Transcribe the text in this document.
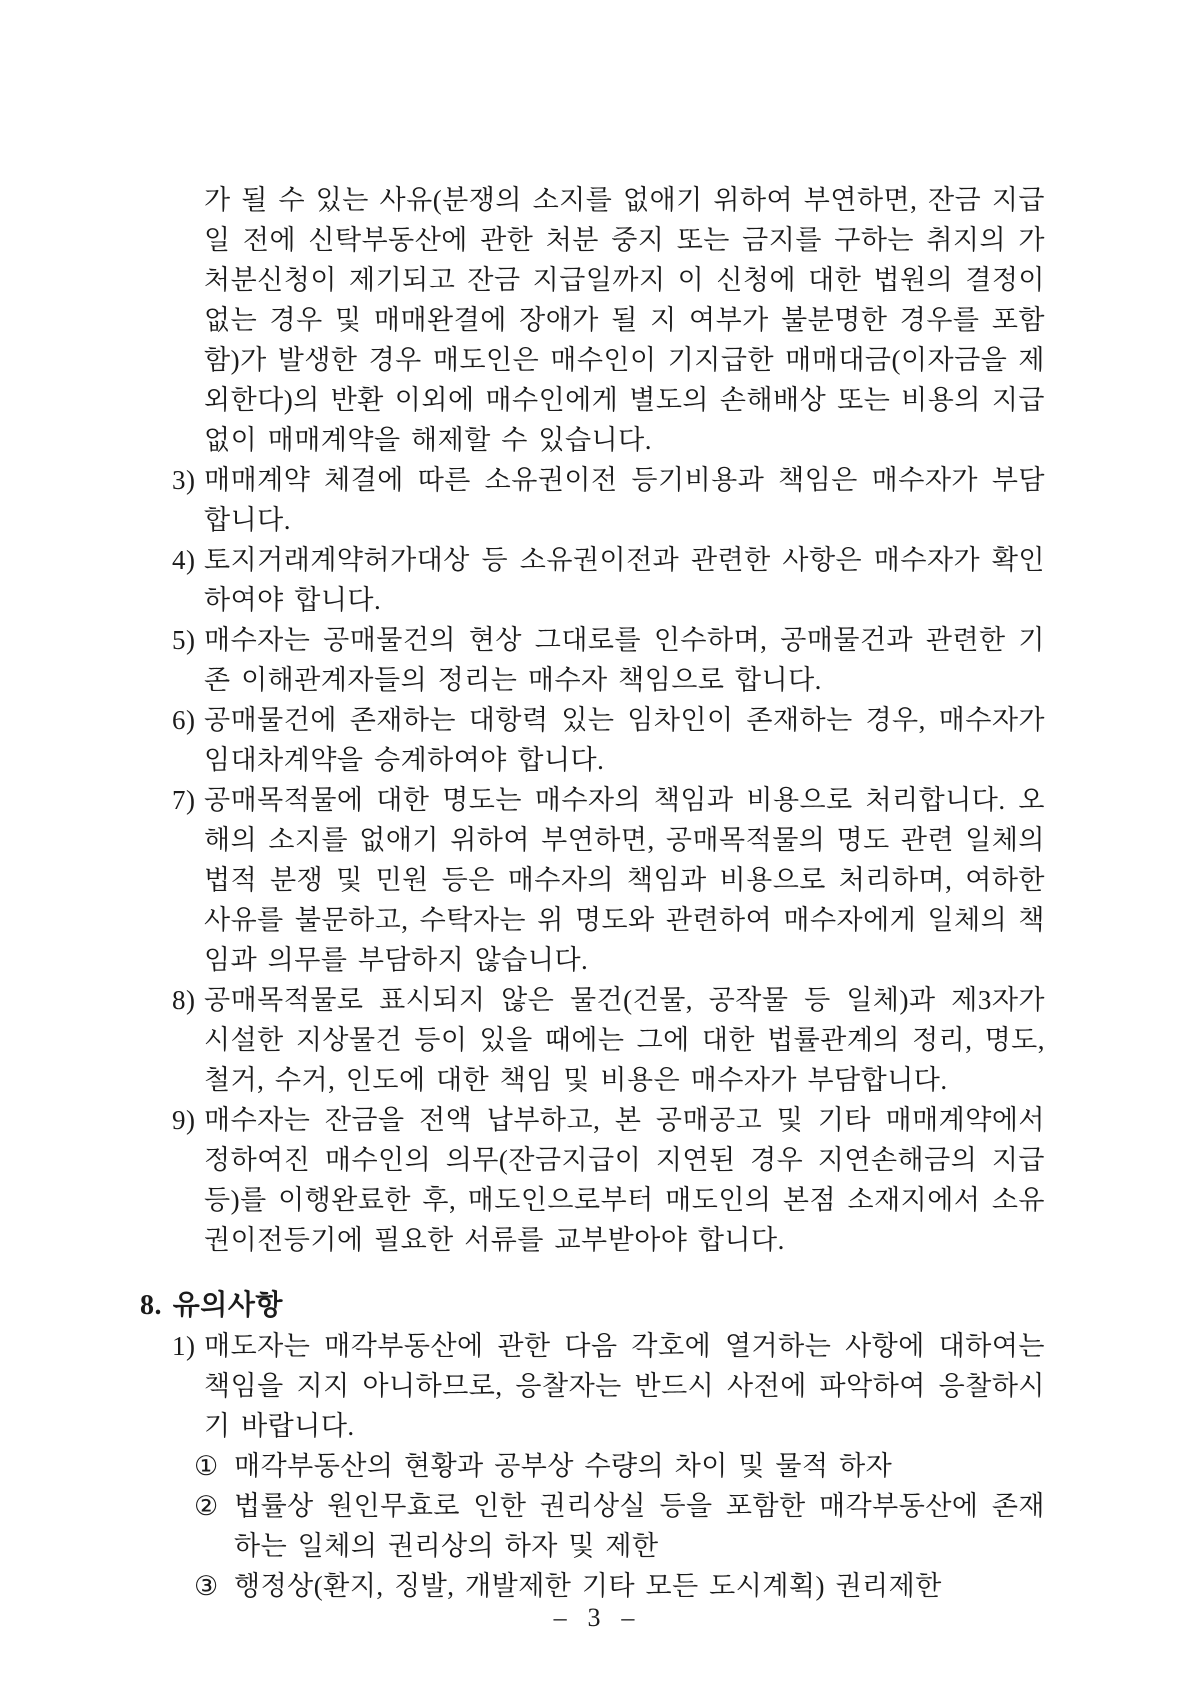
가 될 수 있는 사유(분쟁의 소지를 없애기 위하여 부연하면, 잔금 지급일 전에 신탁부동산에 관한 처분 중지 또는 금지를 구하는 취지의 가처분신청이 제기되고 잔금 지급일까지 이 신청에 대한 법원의 결정이 없는 경우 및 매매완결에 장애가 될 지 여부가 불분명한 경우를 포함함)가 발생한 경우 매도인은 매수인이 기지급한 매매대금(이자금을 제외한다)의 반환 이외에 매수인에게 별도의 손해배상 또는 비용의 지급 없이 매매계약을 해제할 수 있습니다.

3) 매매계약 체결에 따른 소유권이전 등기비용과 책임은 매수자가 부담합니다.
4) 토지거래계약허가대상 등 소유권이전과 관련한 사항은 매수자가 확인하여야 합니다.
5) 매수자는 공매물건의 현상 그대로를 인수하며, 공매물건과 관련한 기존 이해관계자들의 정리는 매수자 책임으로 합니다.
6) 공매물건에 존재하는 대항력 있는 임차인이 존재하는 경우, 매수자가 임대차계약을 승계하여야 합니다.
7) 공매목적물에 대한 명도는 매수자의 책임과 비용으로 처리합니다. 오해의 소지를 없애기 위하여 부연하면, 공매목적물의 명도 관련 일체의 법적 분쟁 및 민원 등은 매수자의 책임과 비용으로 처리하며, 여하한 사유를 불문하고, 수탁자는 위 명도와 관련하여 매수자에게 일체의 책임과 의무를 부담하지 않습니다.
8) 공매목적물로 표시되지 않은 물건(건물, 공작물 등 일체)과 제3자가 시설한 지상물건 등이 있을 때에는 그에 대한 법률관계의 정리, 명도, 철거, 수거, 인도에 대한 책임 및 비용은 매수자가 부담합니다.
9) 매수자는 잔금을 전액 납부하고, 본 공매공고 및 기타 매매계약에서 정하여진 매수인의 의무(잔금지급이 지연된 경우 지연손해금의 지급 등)를 이행완료한 후, 매도인으로부터 매도인의 본점 소재지에서 소유권이전등기에 필요한 서류를 교부받아야 합니다.
8. 유의사항
1) 매도자는 매각부동산에 관한 다음 각호에 열거하는 사항에 대하여는 책임을 지지 아니하므로, 응찰자는 반드시 사전에 파악하여 응찰하시기 바랍니다.
① 매각부동산의 현황과 공부상 수량의 차이 및 물적 하자
② 법률상 원인무효로 인한 권리상실 등을 포함한 매각부동산에 존재하는 일체의 권리상의 하자 및 제한
③ 행정상(환지, 징발, 개발제한 기타 모든 도시계획) 권리제한
– 3 –
